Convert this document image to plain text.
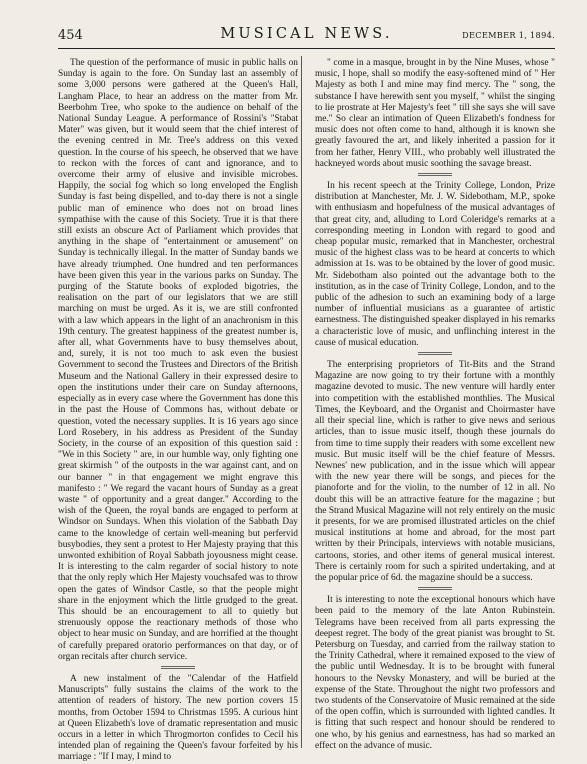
454	MUSICAL NEWS.	DECEMBER 1, 1894.

The question of the performance of music in public halls on Sunday is again to the fore. On Sunday last an assembly of some 3,000 persons were gathered at the Queen's Hall, Langham Place, to hear an address on the matter from Mr. Beerbohm Tree, who spoke to the audience on behalf of the National Sunday League. A performance of Rossini's "Stabat Mater" was given, but it would seem that the chief interest of the evening centred in Mr. Tree's address on this vexed question. In the course of his speech, he observed that we have to reckon with the forces of cant and ignorance, and to overcome their army of elusive and invisible microbes. Happily, the social fog which so long enveloped the English Sunday is fast being dispelled, and to-day there is not a single public man of eminence who does not on broad lines sympathise with the cause of this Society. True it is that there still exists an obscure Act of Parliament which provides that anything in the shape of "entertainment or amusement" on Sunday is technically illegal. In the matter of Sunday bands we have already triumphed. One hundred and ten performances have been given this year in the various parks on Sunday. The purging of the Statute books of exploded bigotries, the realisation on the part of our legislators that we are still marching on must be urged. As it is, we are still confronted with a law which appears in the light of an anachronism in this 19th century. The greatest happiness of the greatest number is, after all, what Governments have to busy themselves about, and, surely, it is not too much to ask even the busiest Government to second the Trustees and Directors of the British Museum and the National Gallery in their expressed desire to open the institutions under their care on Sunday afternoons, especially as in every case where the Government has done this in the past the House of Commons has, without debate or question, voted the necessary supplies. It is 16 years ago since Lord Rosebery, in his address as President of the Sunday Society, in the course of an exposition of this question said : "We in this Society " are, in our humble way, only fighting one great skirmish " of the outposts in the war against cant, and on our banner " in that engagement we might engrave this manifesto : " We regard the vacant hours of Sunday as a great waste " of opportunity and a great danger." According to the wish of the Queen, the royal bands are engaged to perform at Windsor on Sundays. When this violation of the Sabbath Day came to the knowledge of certain well-meaning but perfervid busybodies, they sent a protest to Her Majesty praying that this unwonted exhibition of Royal Sabbath joyousness might cease. It is interesting to the calm regarder of social history to note that the only reply which Her Majesty vouchsafed was to throw open the gates of Windsor Castle, so that the people might share in the enjoyment which the little grudged to the great. This should be an encouragement to all to quietly but strenuously oppose the reactionary methods of those who object to hear music on Sunday, and are horrified at the thought of carefully prepared oratorio performances on that day, or of organ recitals after church service.

A new instalment of the "Calendar of the Hatfield Manuscripts" fully sustains the claims of the work to the attention of readers of history. The new portion covers 15 months, from October 1594 to Christmas 1595. A curious hint at Queen Elizabeth's love of dramatic representation and music occurs in a letter in which Throgmorton confides to Cecil his intended plan of regaining the Queen's favour forfeited by his marriage : "If I may, I mind to

" come in a masque, brought in by the Nine Muses, whose " music, I hope, shall so modify the easy-softened mind of " Her Majesty as both I and mine may find mercy. The " song, the substance I have herewith sent you myself, " whilst the singing to lie prostrate at Her Majesty's feet " till she says she will save me." So clear an intimation of Queen Elizabeth's fondness for music does not often come to hand, although it is known she greatly favoured the art, and likely inherited a passion for it from her father, Henry VIII., who probably well illustrated the hackneyed words about music soothing the savage breast.

In his recent speech at the Trinity College, London, Prize distribution at Manchester, Mr. J. W. Sidebotham, M.P., spoke with enthusiasm and hopefulness of the musical advantages of that great city, and, alluding to Lord Coleridge's remarks at a corresponding meeting in London with regard to good and cheap popular music, remarked that in Manchester, orchestral music of the highest class was to be heard at concerts to which admission at 1s. was to be obtained by the lover of good music. Mr. Sidebotham also pointed out the advantage both to the institution, as in the case of Trinity College, London, and to the public of the adhesion to such an examining body of a large number of influential musicians as a guarantee of artistic earnestness. The distinguished speaker displayed in his remarks a characteristic love of music, and unflinching interest in the cause of musical education.

The enterprising proprietors of Tit-Bits and the Strand Magazine are now going to try their fortune with a monthly magazine devoted to music. The new venture will hardly enter into competition with the established monthlies. The Musical Times, the Keyboard, and the Organist and Choirmaster have all their special line, which is rather to give news and serious articles, than to issue music itself, though these journals do from time to time supply their readers with some excellent new music. But music itself will be the chief feature of Messrs. Newnes' new publication, and in the issue which will appear with the new year there will be songs, and pieces for the pianoforte and for the violin, to the number of 12 in all. No doubt this will be an attractive feature for the magazine ; but the Strand Musical Magazine will not rely entirely on the music it presents, for we are promised illustrated articles on the chief musical institutions at home and abroad, for the most part written by their Principals, interviews with notable musicians, cartoons, stories, and other items of general musical interest. There is certainly room for such a spirited undertaking, and at the popular price of 6d. the magazine should be a success.

It is interesting to note the exceptional honours which have been paid to the memory of the late Anton Rubinstein. Telegrams have been received from all parts expressing the deepest regret. The body of the great pianist was brought to St. Petersburg on Tuesday, and carried from the railway station to the Trinity Cathedral, where it remained exposed to the view of the public until Wednesday. It is to be brought with funeral honours to the Nevsky Monastery, and will be buried at the expense of the State. Throughout the night two professors and two students of the Conservatoire of Music remained at the side of the open coffin, which is surrounded with lighted candles. It is fitting that such respect and honour should be rendered to one who, by his genius and earnestness, has had so marked an effect on the advance of music.
